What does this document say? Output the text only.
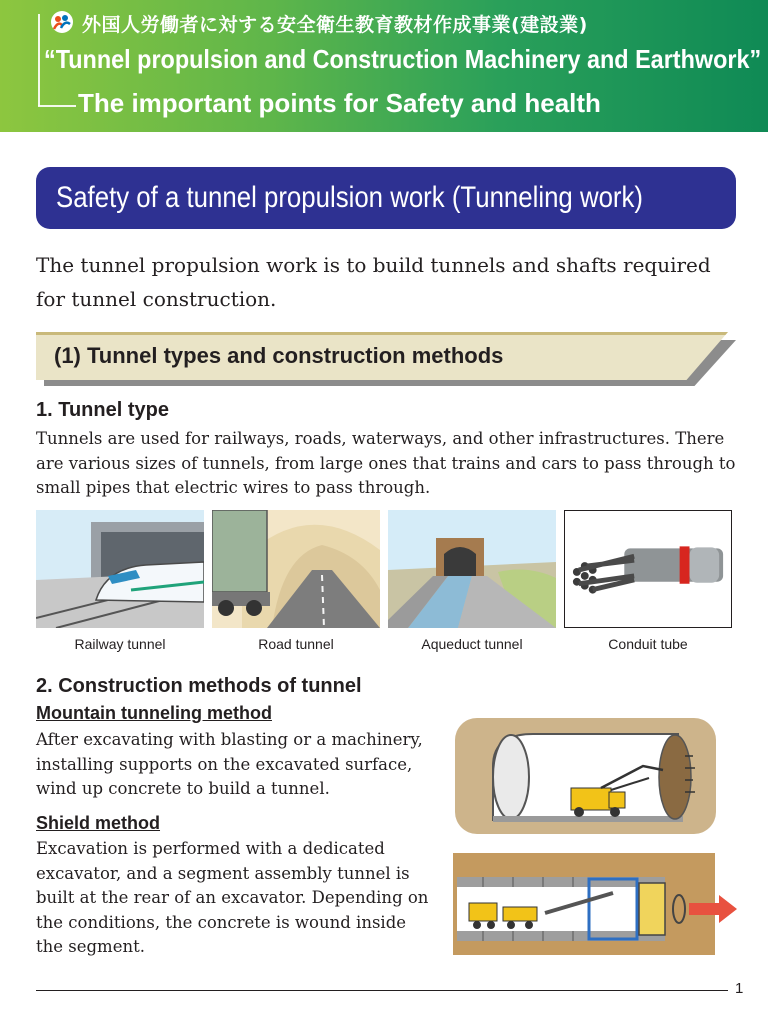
外国人労働者に対する安全衛生教育教材作成事業(建設業)
“Tunnel propulsion and Construction Machinery and Earthwork”
The important points for Safety and health
Safety of a tunnel propulsion work (Tunneling work)

The tunnel propulsion work is to build tunnels and shafts required for tunnel construction.

(1) Tunnel types and construction methods
1. Tunnel type

Tunnels are used for railways, roads, waterways, and other infrastructures. There are various sizes of tunnels, from large ones that trains and cars to pass through to small pipes that electric wires to pass through.

Railway tunnel	Road tunnel	Aqueduct tunnel	Conduit tube
2. Construction methods of tunnel
Mountain tunneling method

After excavating with blasting or a machinery, installing supports on the excavated surface, wind up concrete to build a tunnel.

Shield method

Excavation is performed with a dedicated excavator, and a segment assembly tunnel is built at the rear of an excavator. Depending on the conditions, the concrete is wound inside the segment.

1
